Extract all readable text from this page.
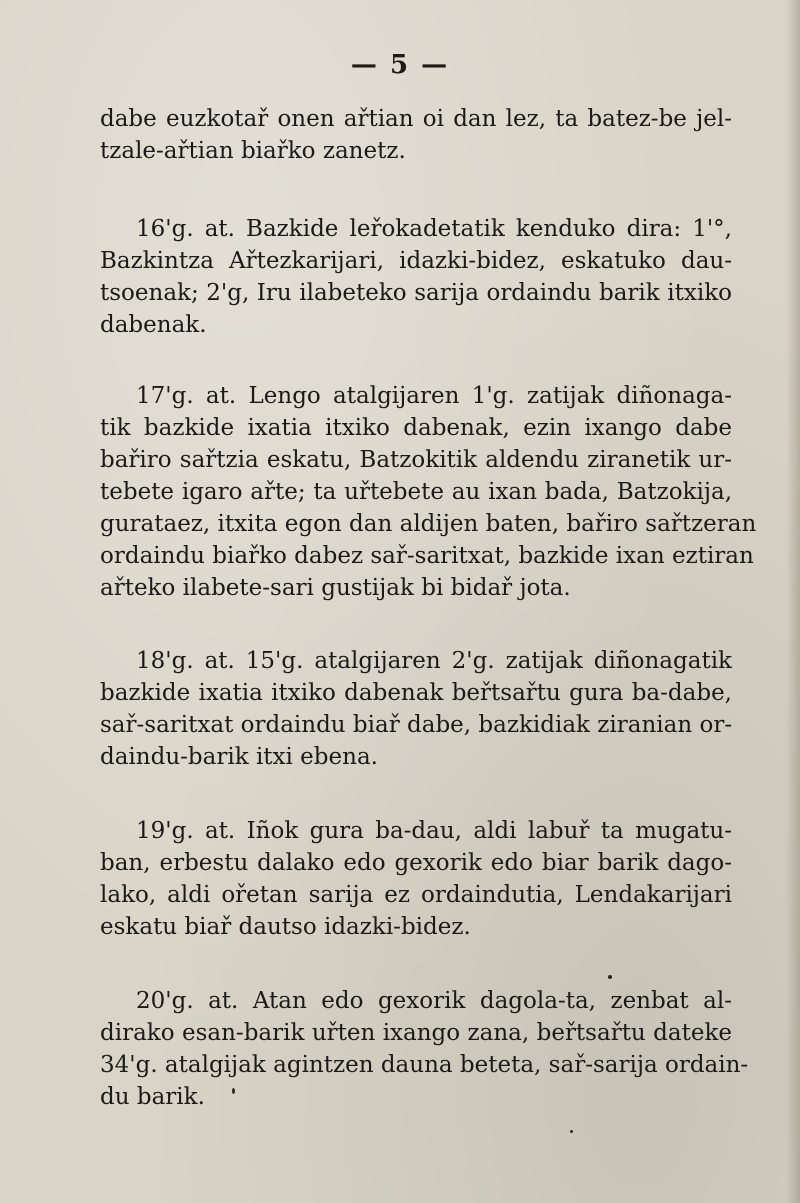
— 5 —
dabe euzkotař onen ařtian oi dan lez, ta batez-be jel-
tzale-ařtian biařko zanetz.
16'g. at. Bazkide leřokadetatik kenduko dira: 1'°,
Bazkintza Ařtezkarijari, idazki-bidez, eskatuko dau-
tsoenak; 2'g, Iru ilabeteko sarija ordaindu barik itxiko
dabenak.
17'g. at. Lengo atalgijaren 1'g. zatijak diñonaga-
tik bazkide ixatia itxiko dabenak, ezin ixango dabe
bařiro sařtzia eskatu, Batzokitik aldendu ziranetik ur-
tebete igaro ařte; ta uřtebete au ixan bada, Batzokija,
gurataez, itxita egon dan aldijen baten, bařiro sařtzeran
ordaindu biařko dabez sař-saritxat, bazkide ixan eztiran
ařteko ilabete-sari gustijak bi bidař jota.
18'g. at. 15'g. atalgijaren 2'g. zatijak diñonagatik
bazkide ixatia itxiko dabenak beřtsařtu gura ba-dabe,
sař-saritxat ordaindu biař dabe, bazkidiak ziranian or-
daindu-barik itxi ebena.
19'g. at. Iñok gura ba-dau, aldi labuř ta mugatu-
ban, erbestu dalako edo gexorik edo biar barik dago-
lako, aldi ořetan sarija ez ordaindutia, Lendakarijari
eskatu biař dautso idazki-bidez.
20'g. at. Atan edo gexorik dagola-ta, zenbat al-
dirako esan-barik uřten ixango zana, beřtsařtu dateke
34'g. atalgijak agintzen dauna beteta, sař-sarija ordain-
du barik.
